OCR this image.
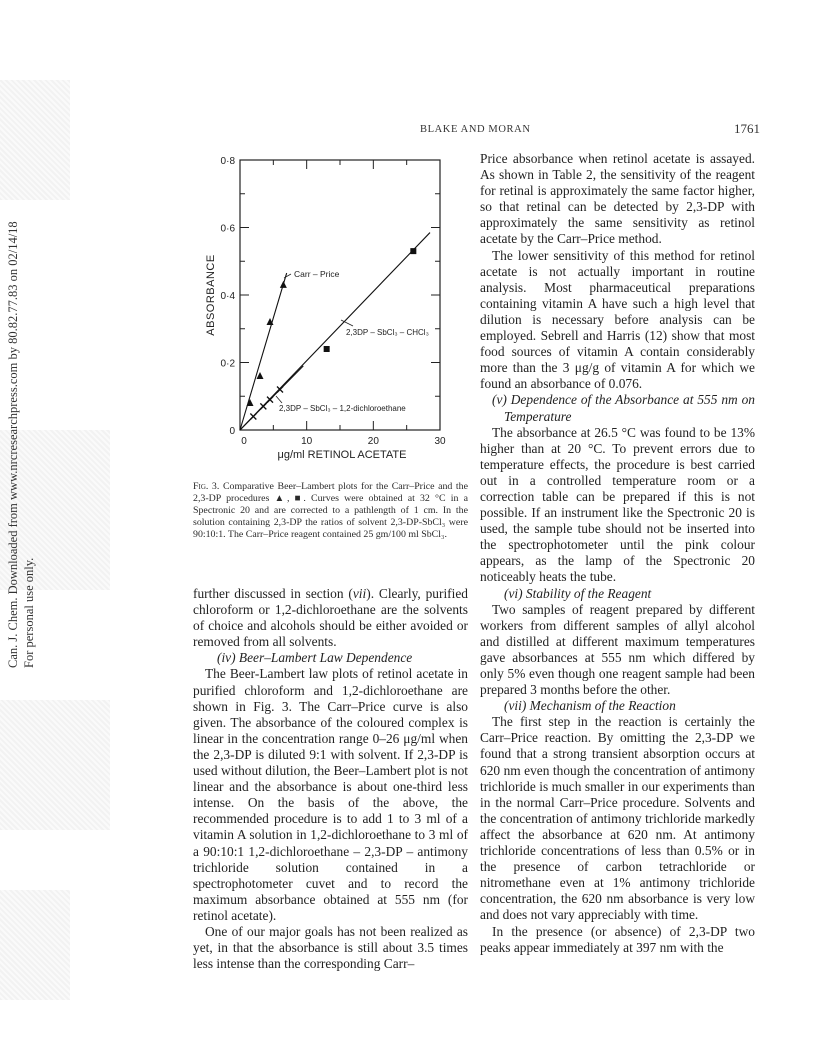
Can. J. Chem. Downloaded from www.nrcresearchpress.com by 80.82.77.83 on 02/14/18 For personal use only.
BLAKE AND MORAN	1761
0
0·2
0·4
0·6
0·8
0	10	20	30
ABSORBANCE
μg/ml RETINOL ACETATE
Carr – Price
2,3DP – SbCl₃ – CHCl₃
2,3DP – SbCl₃ – 1,2-dichloroethane
Fig. 3. Comparative Beer–Lambert plots for the Carr–Price and the 2,3-DP procedures ▲, ■. Curves were obtained at 32 °C in a Spectronic 20 and are corrected to a pathlength of 1 cm. In the solution containing 2,3-DP the ratios of solvent 2,3-DP-SbCl₃ were 90:10:1. The Carr–Price reagent contained 25 gm/100 ml SbCl₃.

further discussed in section (vii). Clearly, purified chloroform or 1,2-dichloroethane are the solvents of choice and alcohols should be either avoided or removed from all solvents.

(iv) Beer–Lambert Law Dependence

The Beer-Lambert law plots of retinol acetate in purified chloroform and 1,2-dichloroethane are shown in Fig. 3. The Carr–Price curve is also given. The absorbance of the coloured complex is linear in the concentration range 0–26 μg/ml when the 2,3-DP is diluted 9:1 with solvent. If 2,3-DP is used without dilution, the Beer–Lambert plot is not linear and the absorbance is about one-third less intense. On the basis of the above, the recommended procedure is to add 1 to 3 ml of a vitamin A solution in 1,2-dichloroethane to 3 ml of a 90:10:1 1,2-dichloroethane – 2,3-DP – antimony trichloride solution contained in a spectrophotometer cuvet and to record the maximum absorbance obtained at 555 nm (for retinol acetate).

One of our major goals has not been realized as yet, in that the absorbance is still about 3.5 times less intense than the corresponding Carr–

Price absorbance when retinol acetate is assayed. As shown in Table 2, the sensitivity of the reagent for retinal is approximately the same factor higher, so that retinal can be detected by 2,3-DP with approximately the same sensitivity as retinol acetate by the Carr–Price method.

The lower sensitivity of this method for retinol acetate is not actually important in routine analysis. Most pharmaceutical preparations containing vitamin A have such a high level that dilution is necessary before analysis can be employed. Sebrell and Harris (12) show that most food sources of vitamin A contain considerably more than the 3 μg/g of vitamin A for which we found an absorbance of 0.076.

(v) Dependence of the Absorbance at 555 nm on Temperature

The absorbance at 26.5 °C was found to be 13% higher than at 20 °C. To prevent errors due to temperature effects, the procedure is best carried out in a controlled temperature room or a correction table can be prepared if this is not possible. If an instrument like the Spectronic 20 is used, the sample tube should not be inserted into the spectrophotometer until the pink colour appears, as the lamp of the Spectronic 20 noticeably heats the tube.

(vi) Stability of the Reagent

Two samples of reagent prepared by different workers from different samples of allyl alcohol and distilled at different maximum temperatures gave absorbances at 555 nm which differed by only 5% even though one reagent sample had been prepared 3 months before the other.

(vii) Mechanism of the Reaction

The first step in the reaction is certainly the Carr–Price reaction. By omitting the 2,3-DP we found that a strong transient absorption occurs at 620 nm even though the concentration of antimony trichloride is much smaller in our experiments than in the normal Carr–Price procedure. Solvents and the concentration of antimony trichloride markedly affect the absorbance at 620 nm. At antimony trichloride concentrations of less than 0.5% or in the presence of carbon tetrachloride or nitromethane even at 1% antimony trichloride concentration, the 620 nm absorbance is very low and does not vary appreciably with time.

In the presence (or absence) of 2,3-DP two peaks appear immediately at 397 nm with the
